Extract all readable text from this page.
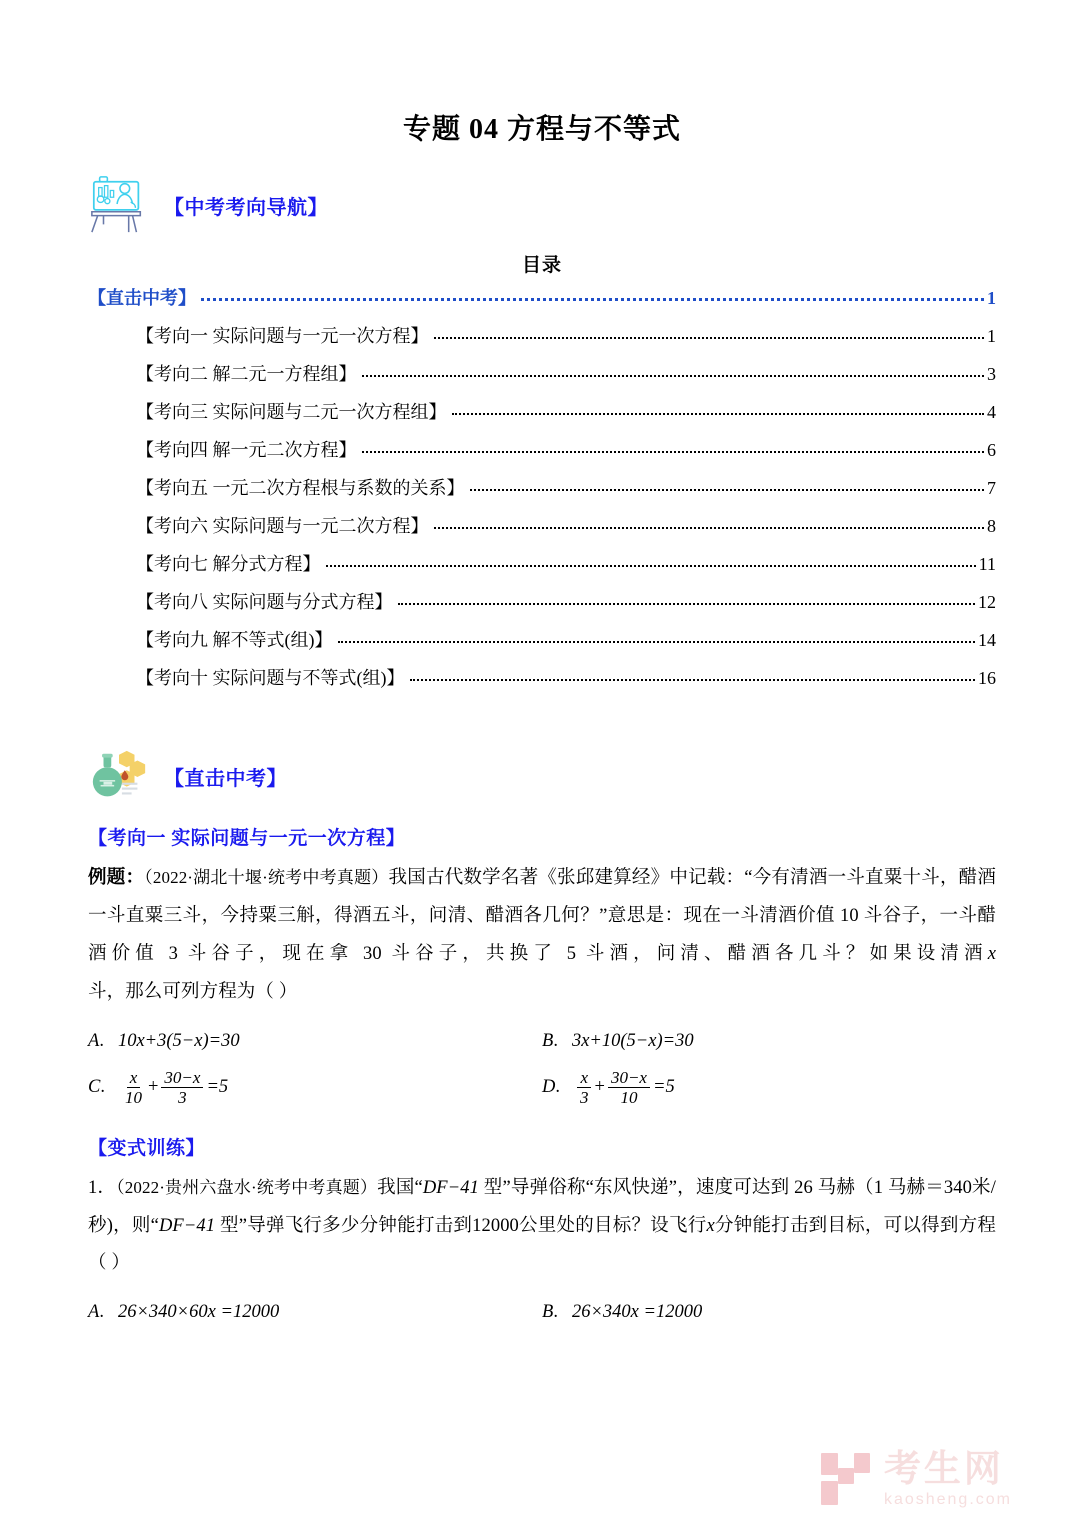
专题 04 方程与不等式
【中考考向导航】
目录
【直击中考】	1
【考向一 实际问题与一元一次方程】	1
【考向二 解二元一方程组】	3
【考向三 实际问题与二元一次方程组】	4
【考向四 解一元二次方程】	6
【考向五 一元二次方程根与系数的关系】	7
【考向六 实际问题与一元二次方程】	8
【考向七 解分式方程】	11
【考向八 实际问题与分式方程】	12
【考向九 解不等式(组)】	14
【考向十 实际问题与不等式(组)】	16
【直击中考】
【考向一 实际问题与一元一次方程】

例题：（2022·湖北十堰·统考中考真题）我国古代数学名著《张邱建算经》中记载：“今有清酒一斗直粟十斗，醋酒一斗直粟三斗，今持粟三斛，得酒五斗，问清、醋酒各几何？”意思是：现在一斗清酒价值 10 斗谷子，一斗醋酒价值 3 斗谷子，现在拿 30 斗谷子，共换了 5 斗酒，问清、醋酒各几斗？如果设清酒x斗，那么可列方程为（ ）

A . 10x+3(5−x)=30	B . 3x+10(5−x)=30
C . $\frac{x}{10} + \frac{30-x}{3} =5$	D . $\frac{x}{3} + \frac{30-x}{10} =5$
【变式训练】

1．（2022·贵州六盘水·统考中考真题）我国“DF−41 型”导弹俗称“东风快递”，速度可达到 26 马赫（1 马赫＝340米/秒)，则“DF−41 型”导弹飞行多少分钟能打击到12000公里处的目标？设飞行x分钟能打击到目标，可以得到方程（ ）

A . 26×340×60x =12000	B . 26×340x =12000
考生网
kaosheng.com
